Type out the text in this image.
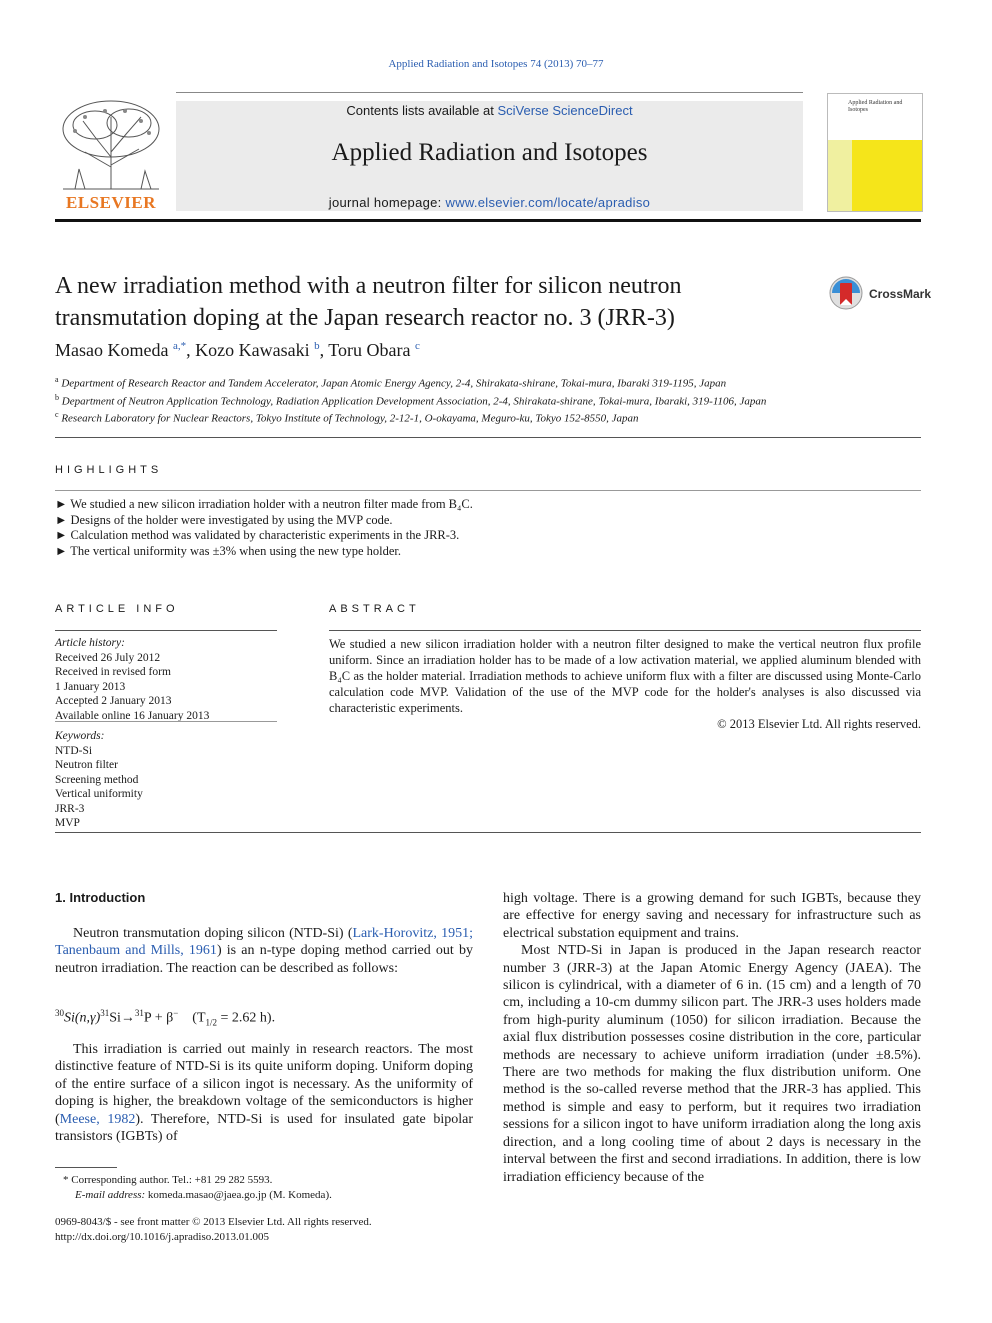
Applied Radiation and Isotopes 74 (2013) 70–77
ELSEVIER
Contents lists available at SciVerse ScienceDirect
Applied Radiation and Isotopes
journal homepage: www.elsevier.com/locate/apradiso
Applied Radiation and Isotopes
A new irradiation method with a neutron filter for silicon neutron transmutation doping at the Japan research reactor no. 3 (JRR-3)
CrossMark
Masao Komeda $^{a,*}$, Kozo Kawasaki $^b$, Toru Obara $^c$
$^a$ Department of Research Reactor and Tandem Accelerator, Japan Atomic Energy Agency, 2-4, Shirakata-shirane, Tokai-mura, Ibaraki 319-1195, Japan
$^b$ Department of Neutron Application Technology, Radiation Application Development Association, 2-4, Shirakata-shirane, Tokai-mura, Ibaraki, 319-1106, Japan
$^c$ Research Laboratory for Nuclear Reactors, Tokyo Institute of Technology, 2-12-1, O-okayama, Meguro-ku, Tokyo 152-8550, Japan
HIGHLIGHTS
► We studied a new silicon irradiation holder with a neutron filter made from B₄C.
► Designs of the holder were investigated by using the MVP code.
► Calculation method was validated by characteristic experiments in the JRR-3.
► The vertical uniformity was ±3% when using the new type holder.
ARTICLE INFO
Article history:
Received 26 July 2012
Received in revised form
1 January 2013
Accepted 2 January 2013
Available online 16 January 2013
Keywords:
NTD-Si
Neutron filter
Screening method
Vertical uniformity
JRR-3
MVP
ABSTRACT
We studied a new silicon irradiation holder with a neutron filter designed to make the vertical neutron flux profile uniform. Since an irradiation holder has to be made of a low activation material, we applied aluminum blended with B₄C as the holder material. Irradiation methods to achieve uniform flux with a filter are discussed using Monte-Carlo calculation code MVP. Validation of the use of the MVP code for the holder's analyses is also discussed via characteristic experiments.
© 2013 Elsevier Ltd. All rights reserved.
1. Introduction

Neutron transmutation doping silicon (NTD-Si) (Lark-Horovitz, 1951; Tanenbaum and Mills, 1961) is an n-type doping method carried out by neutron irradiation. The reaction can be described as follows:

$^{30}Si(n,\gamma)^{31}Si\to^{31}P + \beta^-$ ($T_{1/2} = 2.62$ h).

This irradiation is carried out mainly in research reactors. The most distinctive feature of NTD-Si is its quite uniform doping. Uniform doping of the entire surface of a silicon ingot is necessary. As the uniformity of doping is higher, the breakdown voltage of the semiconductors is higher (Meese, 1982). Therefore, NTD-Si is used for insulated gate bipolar transistors (IGBTs) of

high voltage. There is a growing demand for such IGBTs, because they are effective for energy saving and necessary for infrastructure such as electrical substation equipment and trains.

Most NTD-Si in Japan is produced in the Japan research reactor number 3 (JRR-3) at the Japan Atomic Energy Agency (JAEA). The silicon is cylindrical, with a diameter of 6 in. (15 cm) and a length of 70 cm, including a 10-cm dummy silicon part. The JRR-3 uses holders made from high-purity aluminum (1050) for silicon irradiation. Because the axial flux distribution possesses cosine distribution in the core, particular methods are necessary to achieve uniform irradiation (under ±8.5%). There are two methods for making the flux distribution uniform. One method is the so-called reverse method that the JRR-3 has applied. This method is simple and easy to perform, but it requires two irradiation sessions for a silicon ingot to have uniform irradiation along the long axis direction, and a long cooling time of about 2 days is necessary in the interval between the first and second irradiations. In addition, there is low irradiation efficiency because of the

* Corresponding author. Tel.: +81 29 282 5593.
E-mail address: komeda.masao@jaea.go.jp (M. Komeda).
0969-8043/$ - see front matter © 2013 Elsevier Ltd. All rights reserved.
http://dx.doi.org/10.1016/j.apradiso.2013.01.005
